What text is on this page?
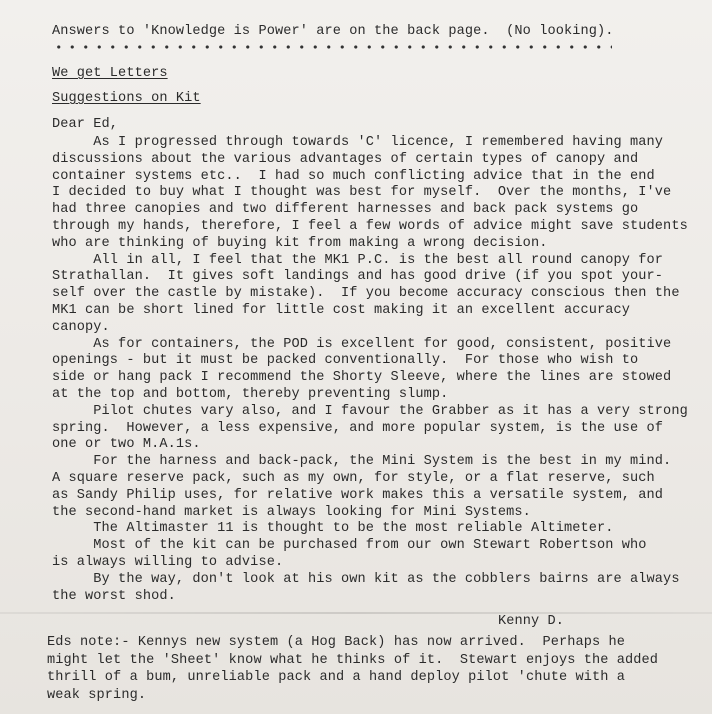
Answers to 'Knowledge is Power' are on the back page.  (No looking).
We get Letters
Suggestions on Kit
Dear Ed,
As I progressed through towards 'C' licence, I remembered having many
discussions about the various advantages of certain types of canopy and
container systems etc..  I had so much conflicting advice that in the end
I decided to buy what I thought was best for myself.  Over the months, I've
had three canopies and two different harnesses and back pack systems go
through my hands, therefore, I feel a few words of advice might save students
who are thinking of buying kit from making a wrong decision.
All in all, I feel that the MK1 P.C. is the best all round canopy for
Strathallan.  It gives soft landings and has good drive (if you spot your-
self over the castle by mistake).  If you become accuracy conscious then the
MK1 can be short lined for little cost making it an excellent accuracy
canopy.
As for containers, the POD is excellent for good, consistent, positive
openings - but it must be packed conventionally.  For those who wish to
side or hang pack I recommend the Shorty Sleeve, where the lines are stowed
at the top and bottom, thereby preventing slump.
Pilot chutes vary also, and I favour the Grabber as it has a very strong
spring.  However, a less expensive, and more popular system, is the use of
one or two M.A.1s.
For the harness and back-pack, the Mini System is the best in my mind.
A square reserve pack, such as my own, for style, or a flat reserve, such
as Sandy Philip uses, for relative work makes this a versatile system, and
the second-hand market is always looking for Mini Systems.
The Altimaster 11 is thought to be the most reliable Altimeter.
Most of the kit can be purchased from our own Stewart Robertson who
is always willing to advise.
By the way, don't look at his own kit as the cobblers bairns are always
the worst shod.
Kenny D.
Eds note:- Kennys new system (a Hog Back) has now arrived.  Perhaps he
might let the 'Sheet' know what he thinks of it.  Stewart enjoys the added
thrill of a bum, unreliable pack and a hand deploy pilot 'chute with a
weak spring.
